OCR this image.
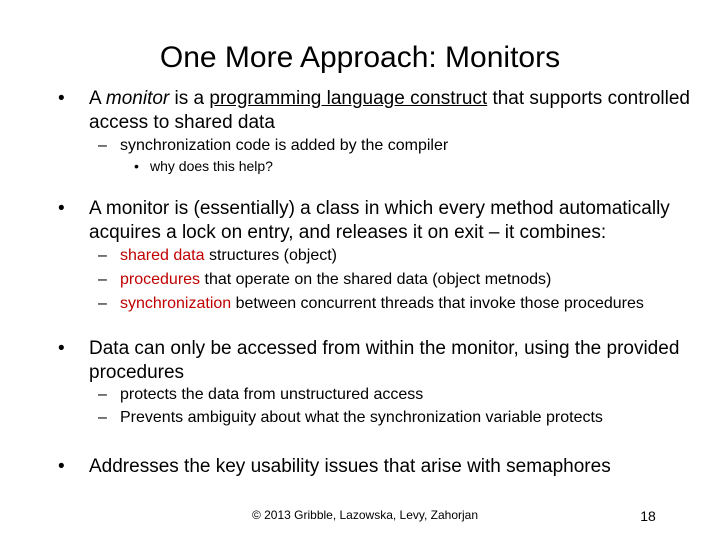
One More Approach: Monitors
• A monitor is a programming language construct that supports controlled access to shared data
– synchronization code is added by the compiler
• why does this help?
• A monitor is (essentially) a class in which every method automatically acquires a lock on entry, and releases it on exit – it combines:
– shared data structures (object)
– procedures that operate on the shared data (object metnods)
– synchronization between concurrent threads that invoke those procedures
• Data can only be accessed from within the monitor, using the provided procedures
– protects the data from unstructured access
– Prevents ambiguity about what the synchronization variable protects
• Addresses the key usability issues that arise with semaphores
© 2013 Gribble, Lazowska, Levy, Zahorjan	18
